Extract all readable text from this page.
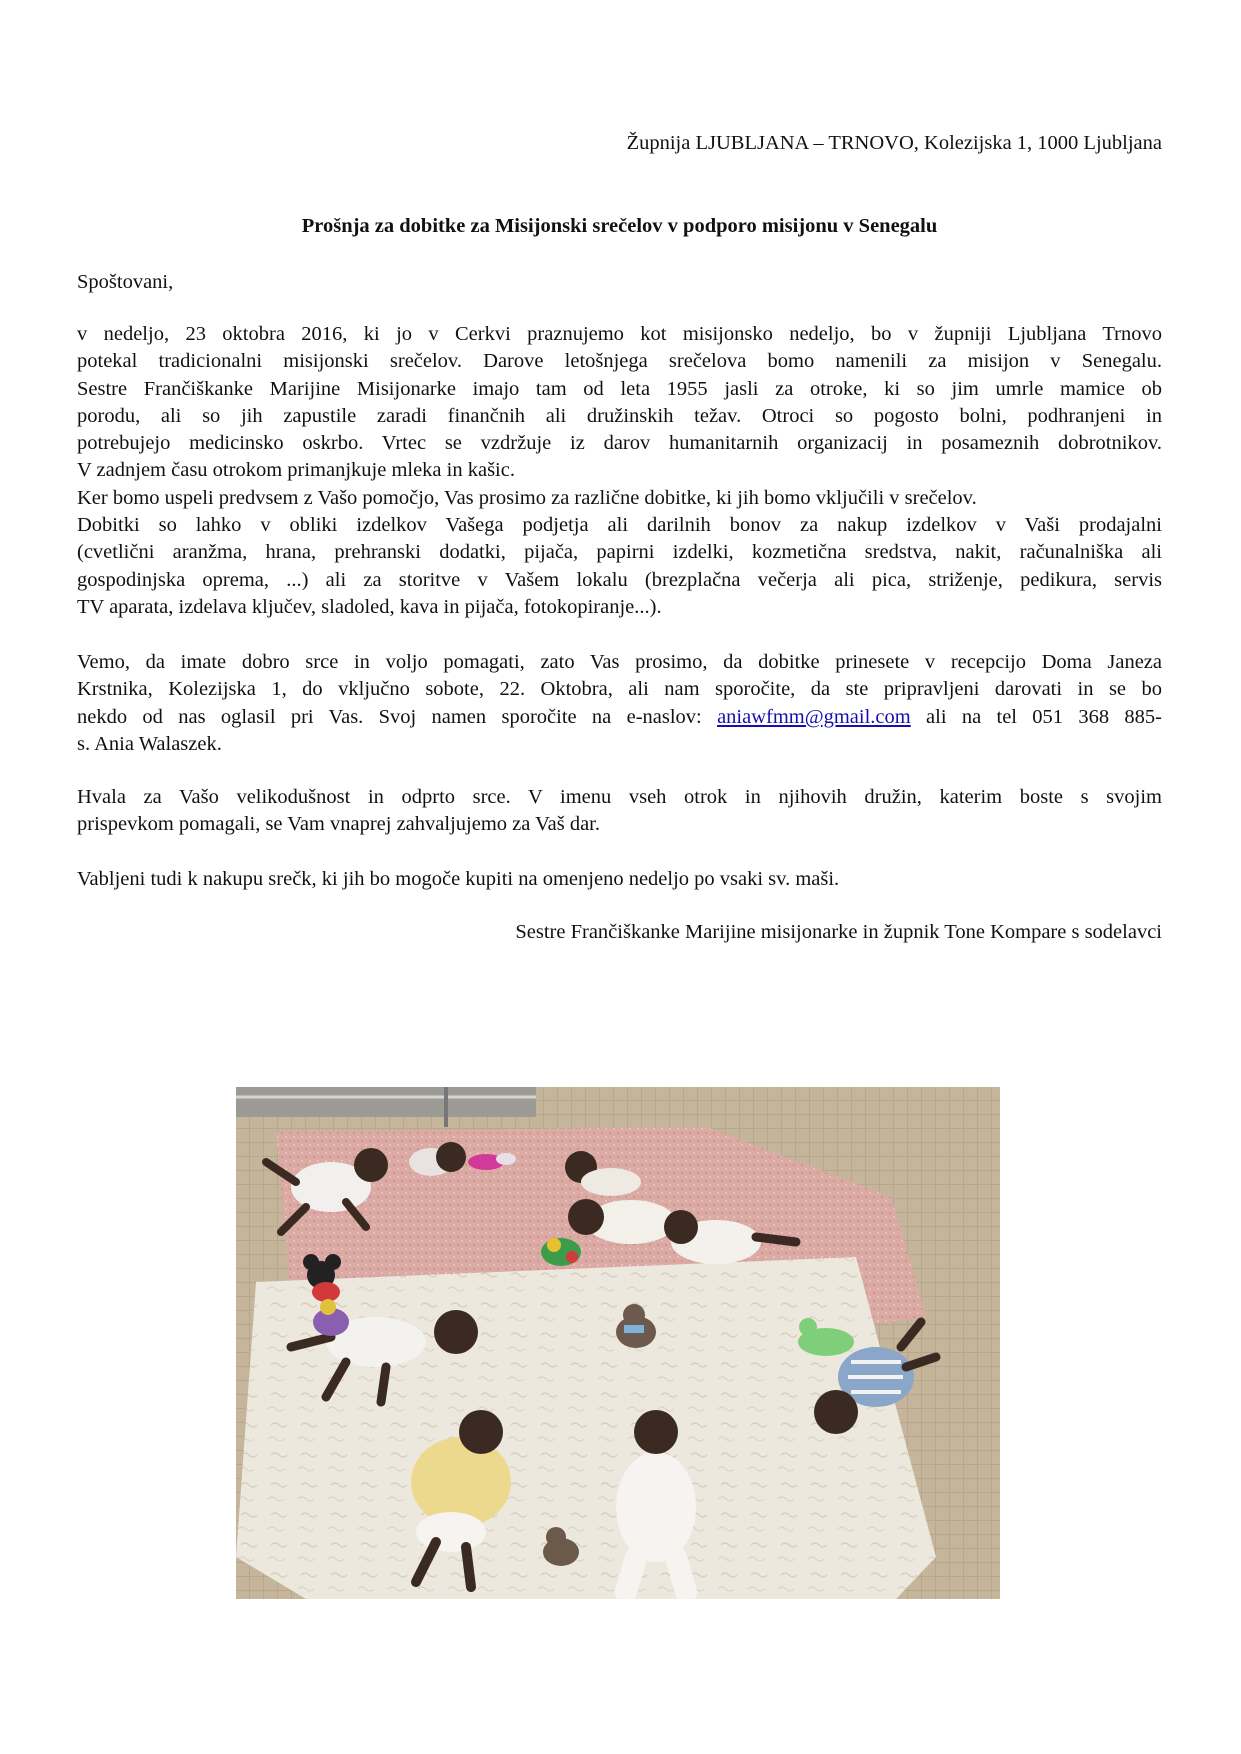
Župnija LJUBLJANA – TRNOVO, Kolezijska 1, 1000 Ljubljana
Prošnja za dobitke za Misijonski srečelov v podporo misijonu v Senegalu
Spoštovani,
v nedeljo, 23 oktobra 2016, ki jo v Cerkvi praznujemo kot misijonsko nedeljo, bo v župniji Ljubljana Trnovo
potekal tradicionalni misijonski srečelov. Darove letošnjega srečelova bomo namenili za misijon v Senegalu.
Sestre Frančiškanke Marijine Misijonarke imajo tam od leta 1955 jasli za otroke, ki so jim umrle mamice ob
porodu, ali so jih zapustile zaradi finančnih ali družinskih težav. Otroci so pogosto bolni, podhranjeni in
potrebujejo medicinsko oskrbo. Vrtec se vzdržuje iz darov humanitarnih organizacij in posameznih dobrotnikov.
V zadnjem času otrokom primanjkuje mleka in kašic.
Ker bomo uspeli predvsem z Vašo pomočjo, Vas prosimo za različne dobitke, ki jih bomo vključili v srečelov.
Dobitki so lahko v obliki izdelkov Vašega podjetja ali darilnih bonov za nakup izdelkov v Vaši prodajalni
(cvetlični aranžma, hrana, prehranski dodatki, pijača, papirni izdelki, kozmetična sredstva, nakit, računalniška ali
gospodinjska oprema, ...) ali za storitve v Vašem lokalu (brezplačna večerja ali pica, striženje, pedikura, servis
TV aparata, izdelava ključev, sladoled, kava in pijača, fotokopiranje...).
Vemo, da imate dobro srce in voljo pomagati, zato Vas prosimo, da dobitke prinesete v recepcijo Doma Janeza
Krstnika, Kolezijska 1, do vključno sobote, 22. Oktobra, ali nam sporočite, da ste pripravljeni darovati in se bo
nekdo od nas oglasil pri Vas. Svoj namen sporočite na e-naslov: aniawfmm@gmail.com ali na tel 051 368 885-
s. Ania Walaszek.
Hvala za Vašo velikodušnost in odprto srce. V imenu vseh otrok in njihovih družin, katerim boste s svojim
prispevkom pomagali, se Vam vnaprej zahvaljujemo za Vaš dar.
Vabljeni tudi k nakupu srečk, ki jih bo mogoče kupiti na omenjeno nedeljo po vsaki sv. maši.
Sestre Frančiškanke Marijine misijonarke in župnik Tone Kompare s sodelavci
